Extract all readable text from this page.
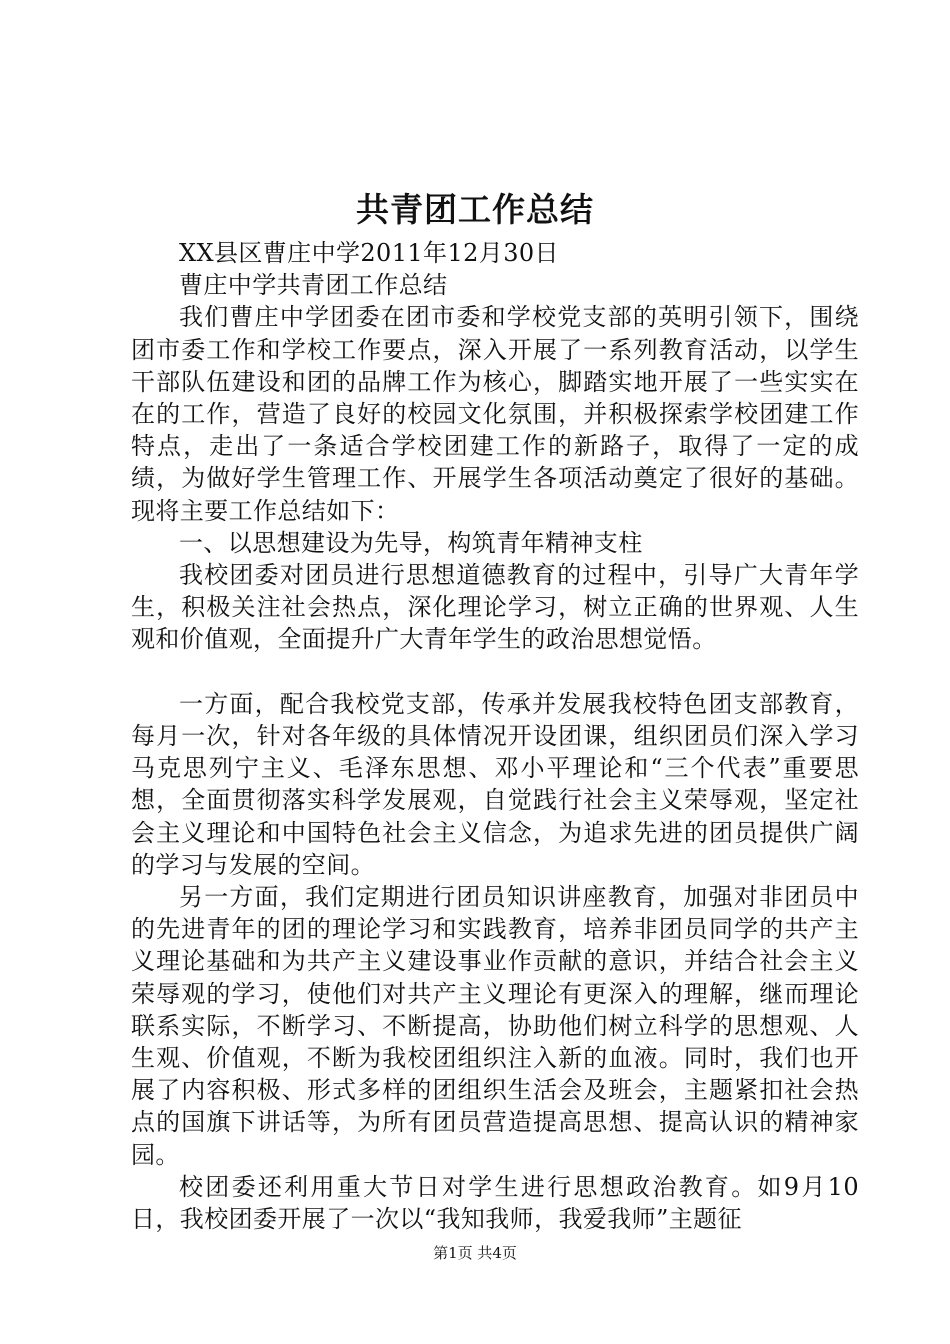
共青团工作总结

XX县区曹庄中学2011年12月30日

曹庄中学共青团工作总结

我们曹庄中学团委在团市委和学校党支部的英明引领下，围绕团市委工作和学校工作要点，深入开展了一系列教育活动，以学生干部队伍建设和团的品牌工作为核心，脚踏实地开展了一些实实在在的工作，营造了良好的校园文化氛围，并积极探索学校团建工作特点，走出了一条适合学校团建工作的新路子，取得了一定的成绩，为做好学生管理工作、开展学生各项活动奠定了很好的基础。现将主要工作总结如下：

一、以思想建设为先导，构筑青年精神支柱

我校团委对团员进行思想道德教育的过程中，引导广大青年学生，积极关注社会热点，深化理论学习，树立正确的世界观、人生观和价值观，全面提升广大青年学生的政治思想觉悟。

一方面，配合我校党支部，传承并发展我校特色团支部教育，每月一次，针对各年级的具体情况开设团课，组织团员们深入学习马克思列宁主义、毛泽东思想、邓小平理论和“三个代表”重要思想，全面贯彻落实科学发展观，自觉践行社会主义荣辱观，坚定社会主义理论和中国特色社会主义信念，为追求先进的团员提供广阔的学习与发展的空间。

另一方面，我们定期进行团员知识讲座教育，加强对非团员中的先进青年的团的理论学习和实践教育，培养非团员同学的共产主义理论基础和为共产主义建设事业作贡献的意识，并结合社会主义荣辱观的学习，使他们对共产主义理论有更深入的理解，继而理论联系实际，不断学习、不断提高，协助他们树立科学的思想观、人生观、价值观，不断为我校团组织注入新的血液。同时，我们也开展了内容积极、形式多样的团组织生活会及班会，主题紧扣社会热点的国旗下讲话等，为所有团员营造提高思想、提高认识的精神家园。

校团委还利用重大节日对学生进行思想政治教育。如9月10日，我校团委开展了一次以“我知我师，我爱我师”主题征

第1页 共4页
